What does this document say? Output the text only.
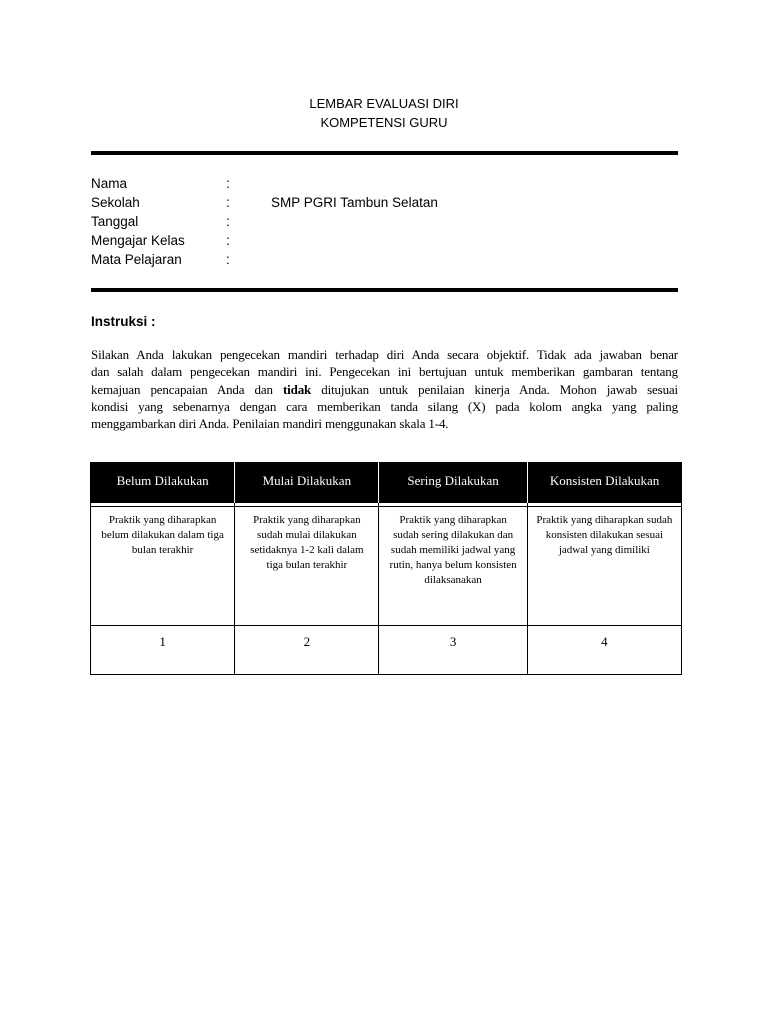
LEMBAR EVALUASI DIRI
KOMPETENSI GURU
Nama	:
Sekolah	:	SMP PGRI Tambun Selatan
Tanggal	:
Mengajar Kelas	:
Mata Pelajaran	:
Instruksi :
Silakan Anda lakukan pengecekan mandiri terhadap diri Anda secara objektif. Tidak ada jawaban benar
dan salah dalam pengecekan mandiri ini. Pengecekan ini bertujuan untuk memberikan gambaran tentang
kemajuan pencapaian Anda dan tidak ditujukan untuk penilaian kinerja Anda. Mohon jawab sesuai
kondisi yang sebenarnya dengan cara memberikan tanda silang (X) pada kolom angka yang paling
menggambarkan diri Anda. Penilaian mandiri menggunakan skala 1-4.
Belum Dilakukan	Mulai Dilakukan	Sering Dilakukan	Konsisten Dilakukan

Praktik yang diharapkan belum dilakukan dalam tiga bulan terakhir	Praktik yang diharapkan sudah mulai dilakukan setidaknya 1-2 kali dalam tiga bulan terakhir	Praktik yang diharapkan sudah sering dilakukan dan sudah memiliki jadwal yang rutin, hanya belum konsisten dilaksanakan	Praktik yang diharapkan sudah konsisten dilakukan sesuai jadwal yang dimiliki
1	2	3	4
